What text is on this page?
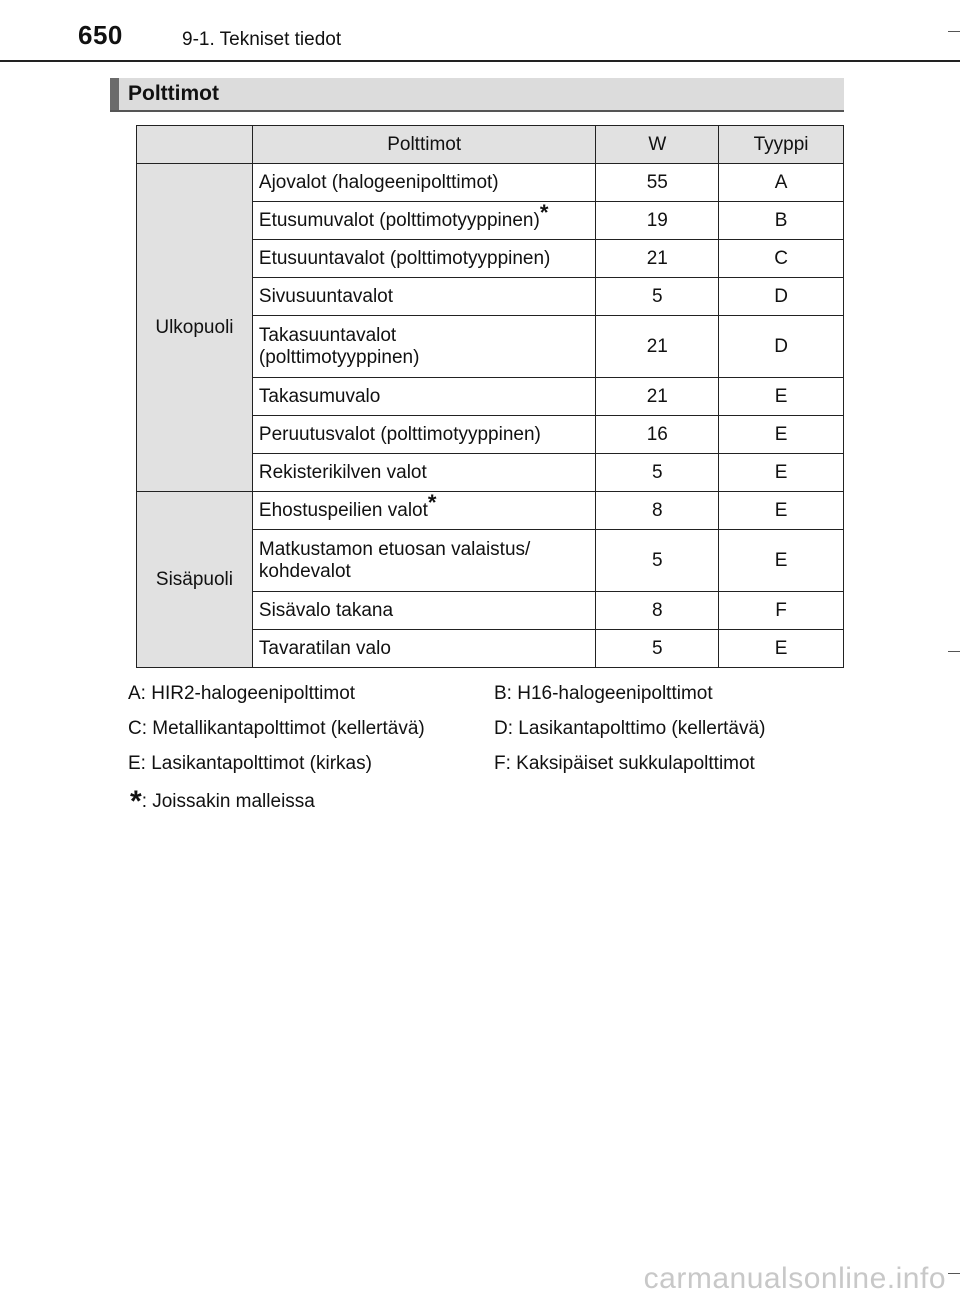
650	9-1. Tekniset tiedot
Polttimot
	Polttimot	W	Tyyppi
Ulkopuoli	Ajovalot (halogeenipolttimot)	55	A
	Etusumuvalot (polttimotyyppinen)*	19	B
	Etusuuntavalot (polttimotyyppinen)	21	C
	Sivusuuntavalot	5	D
	Takasuuntavalot
(polttimotyyppinen)	21	D
	Takasumuvalo	21	E
	Peruutusvalot (polttimotyyppinen)	16	E
	Rekisterikilven valot	5	E
Sisäpuoli	Ehostuspeilien valot*	8	E
	Matkustamon etuosan valaistus/
kohdevalot	5	E
	Sisävalo takana	8	F
	Tavaratilan valo	5	E
A: HIR2-halogeenipolttimot	B: H16-halogeenipolttimot
C: Metallikantapolttimot (kellertävä)	D: Lasikantapolttimo (kellertävä)
E: Lasikantapolttimot (kirkas)	F: Kaksipäiset sukkulapolttimot
*: Joissakin malleissa
carmanualsonline.info
